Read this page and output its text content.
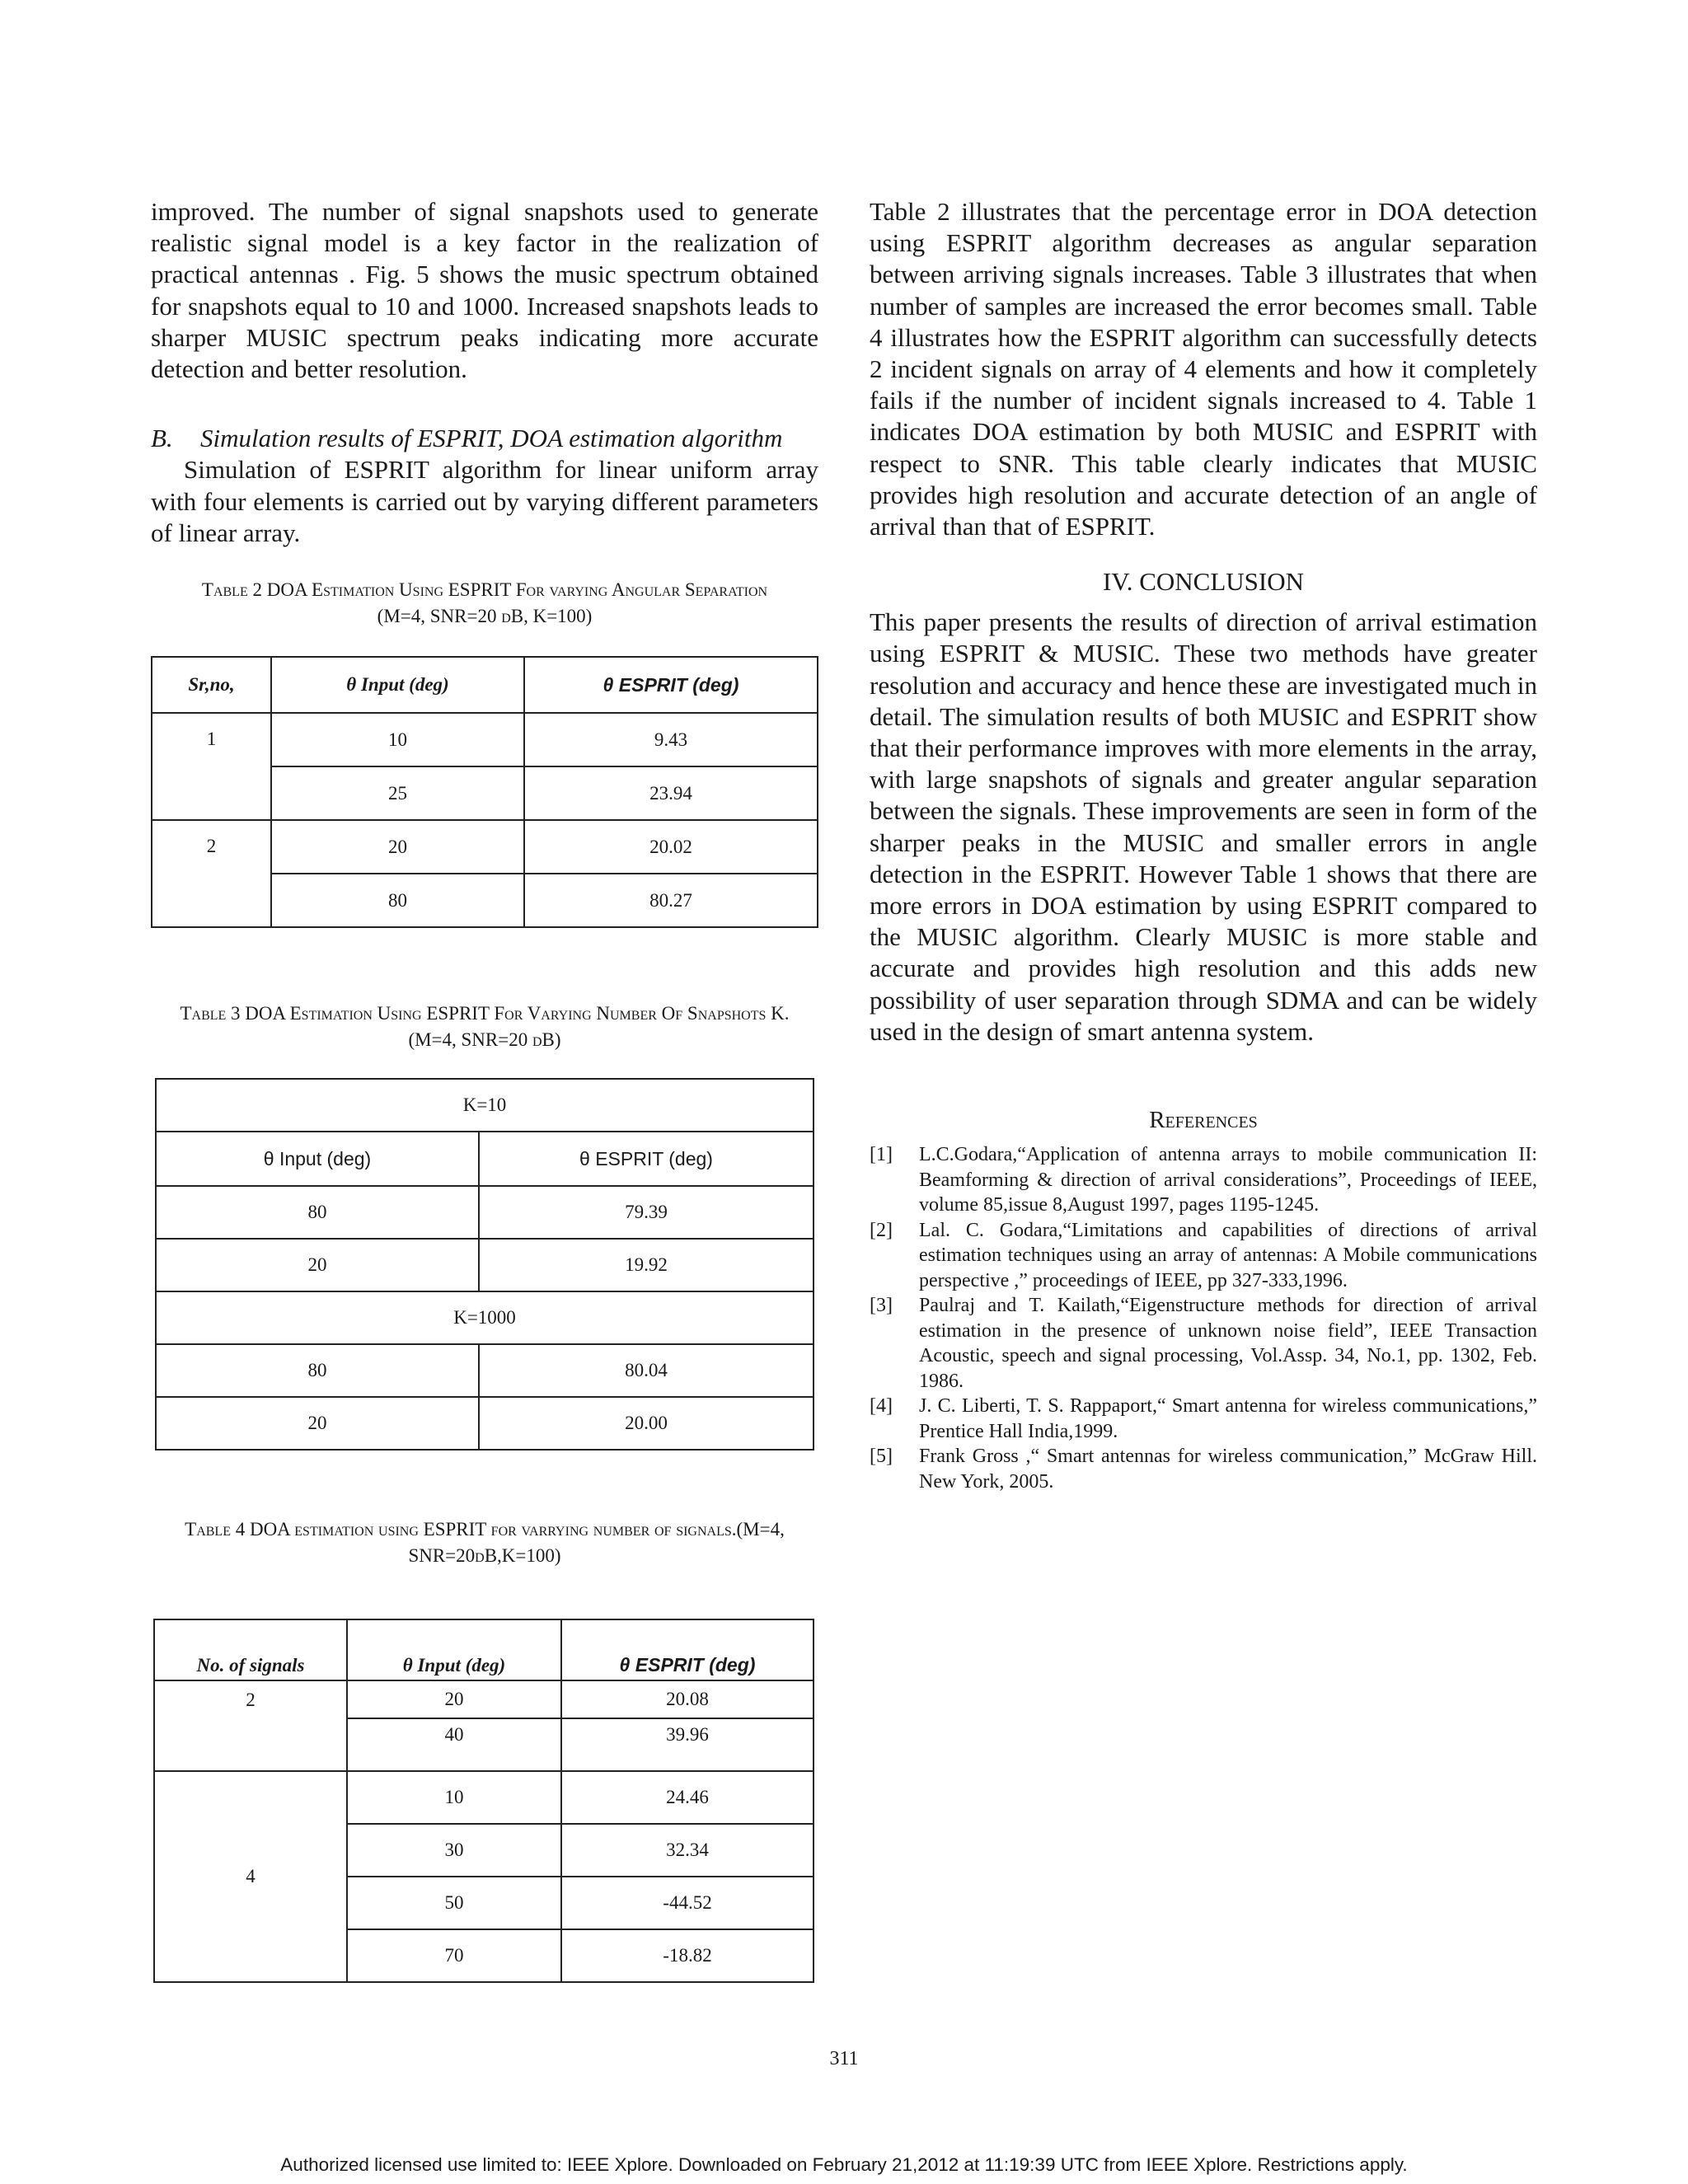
improved. The number of signal snapshots used to generate realistic signal model is a key factor in the realization of practical antennas . Fig. 5 shows the music spectrum obtained for snapshots equal to 10 and 1000. Increased snapshots leads to sharper MUSIC spectrum peaks indicating more accurate detection and better resolution.

B.	Simulation results of ESPRIT, DOA estimation algorithm

Simulation of ESPRIT algorithm for linear uniform array with four elements is carried out by varying different parameters of linear array.

Table 2 DOA Estimation Using ESPRIT For varying Angular Separation (M=4, SNR=20 dB, K=100)

Sr,no,	θ Input (deg)	θ ESPRIT (deg)
1	10	9.43
	25	23.94
2	20	20.02
	80	80.27

Table 3 DOA Estimation Using ESPRIT For Varying Number Of Snapshots K. (M=4, SNR=20 dB)

K=10	
θ Input (deg)	θ ESPRIT (deg)
80	79.39
20	19.92
K=1000	
80	80.04
20	20.00

Table 4 DOA estimation using ESPRIT for varrying number of signals.(M=4, SNR=20dB,K=100)

No. of signals	θ Input (deg)	θ ESPRIT (deg)
2	20	20.08
	40	39.96
4	10	24.46
	30	32.34
	50	-44.52
	70	-18.82

Table 2 illustrates that the percentage error in DOA detection using ESPRIT algorithm decreases as angular separation between arriving signals increases. Table 3 illustrates that when number of samples are increased the error becomes small. Table 4 illustrates how the ESPRIT algorithm can successfully detects 2 incident signals on array of 4 elements and how it completely fails if the number of incident signals increased to 4. Table 1 indicates DOA estimation by both MUSIC and ESPRIT with respect to SNR. This table clearly indicates that MUSIC provides high resolution and accurate detection of an angle of arrival than that of ESPRIT.

IV. CONCLUSION

This paper presents the results of direction of arrival estimation using ESPRIT & MUSIC. These two methods have greater resolution and accuracy and hence these are investigated much in detail. The simulation results of both MUSIC and ESPRIT show that their performance improves with more elements in the array, with large snapshots of signals and greater angular separation between the signals. These improvements are seen in form of the sharper peaks in the MUSIC and smaller errors in angle detection in the ESPRIT. However Table 1 shows that there are more errors in DOA estimation by using ESPRIT compared to the MUSIC algorithm. Clearly MUSIC is more stable and accurate and provides high resolution and this adds new possibility of user separation through SDMA and can be widely used in the design of smart antenna system.

References
[1]	L.C.Godara,“Application of antenna arrays to mobile communication II: Beamforming & direction of arrival considerations”, Proceedings of IEEE, volume 85,issue 8,August 1997, pages 1195-1245.
[2]	Lal. C. Godara,“Limitations and capabilities of directions of arrival estimation techniques using an array of antennas: A Mobile communications perspective ,” proceedings of IEEE, pp 327-333,1996.
[3]	Paulraj and T. Kailath,“Eigenstructure methods for direction of arrival estimation in the presence of unknown noise field”, IEEE Transaction Acoustic, speech and signal processing, Vol.Assp. 34, No.1, pp. 1302, Feb. 1986.
[4]	J. C. Liberti, T. S. Rappaport,“ Smart antenna for wireless communications,” Prentice Hall India,1999.
[5]	Frank Gross ,“ Smart antennas for wireless communication,” McGraw Hill. New York, 2005.
311
Authorized licensed use limited to: IEEE Xplore. Downloaded on February 21,2012 at 11:19:39 UTC from IEEE Xplore. Restrictions apply.
